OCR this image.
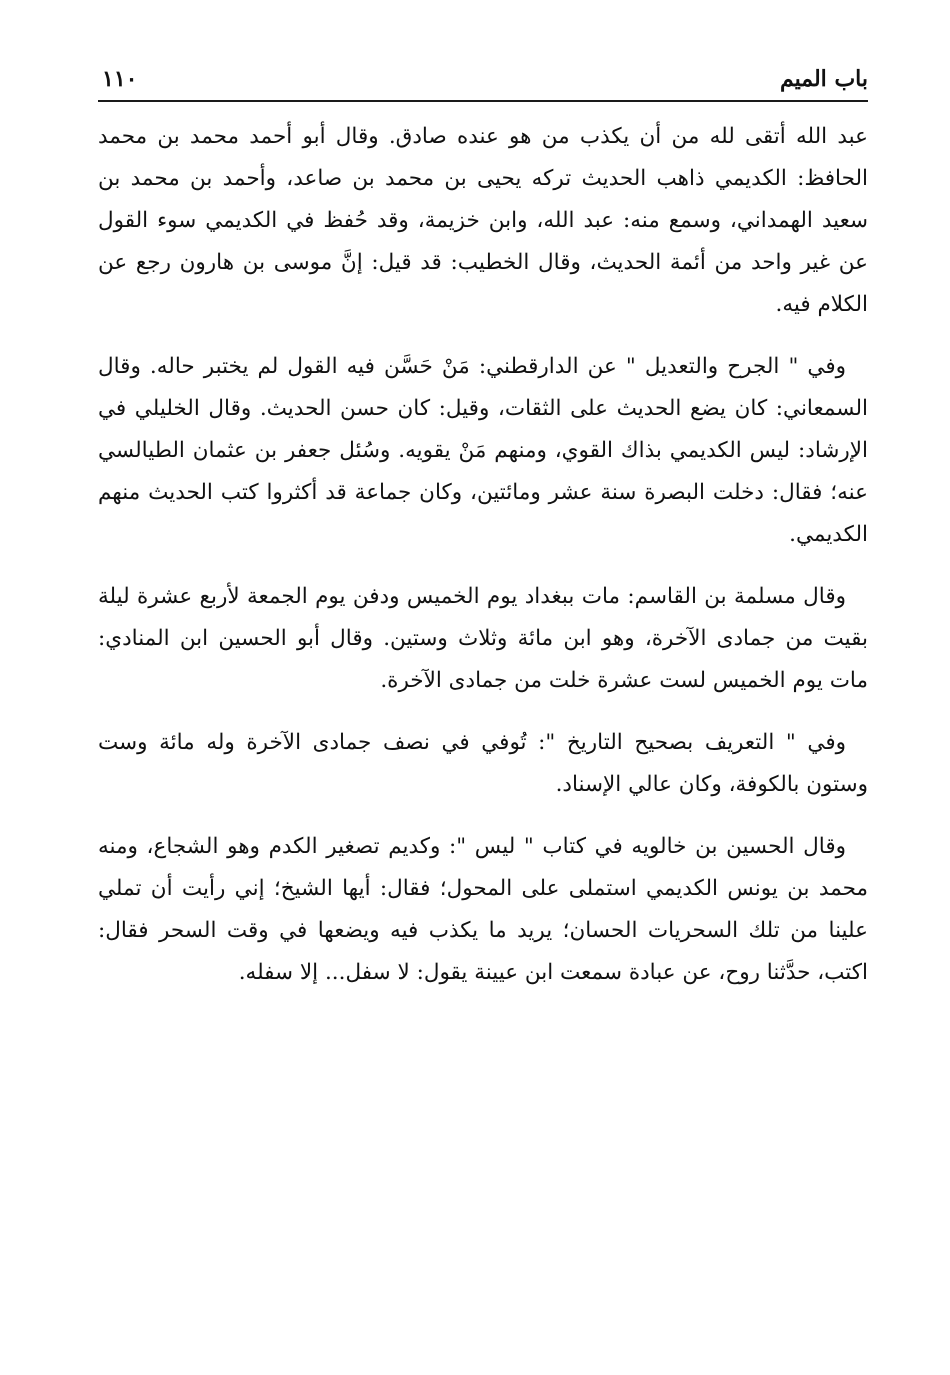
باب الميم
١١٠

عبد الله أتقى لله من أن يكذب من هو عنده صادق. وقال أبو أحمد محمد بن محمد الحافظ: الكديمي ذاهب الحديث تركه يحيى بن محمد بن صاعد، وأحمد بن محمد بن سعيد الهمداني، وسمع منه: عبد الله، وابن خزيمة، وقد حُفظ في الكديمي سوء القول عن غير واحد من أئمة الحديث، وقال الخطيب: قد قيل: إنَّ موسى بن هارون رجع عن الكلام فيه.

وفي " الجرح والتعديل " عن الدارقطني: مَنْ حَسَّن فيه القول لم يختبر حاله. وقال السمعاني: كان يضع الحديث على الثقات، وقيل: كان حسن الحديث. وقال الخليلي في الإرشاد: ليس الكديمي بذاك القوي، ومنهم مَنْ يقويه. وسُئل جعفر بن عثمان الطيالسي عنه؛ فقال: دخلت البصرة سنة عشر ومائتين، وكان جماعة قد أكثروا كتب الحديث منهم الكديمي.

وقال مسلمة بن القاسم: مات ببغداد يوم الخميس ودفن يوم الجمعة لأربع عشرة ليلة بقيت من جمادى الآخرة، وهو ابن مائة وثلاث وستين. وقال أبو الحسين ابن المنادي: مات يوم الخميس لست عشرة خلت من جمادى الآخرة.

وفي " التعريف بصحيح التاريخ ": تُوفي في نصف جمادى الآخرة وله مائة وست وستون بالكوفة، وكان عالي الإسناد.

وقال الحسين بن خالويه في كتاب " ليس ": وكديم تصغير الكدم وهو الشجاع، ومنه محمد بن يونس الكديمي استملى على المحول؛ فقال: أيها الشيخ؛ إني رأيت أن تملي علينا من تلك السحريات الحسان؛ يريد ما يكذب فيه ويضعها في وقت السحر فقال: اكتب، حدَّثنا روح، عن عبادة سمعت ابن عيينة يقول: لا سفل... إلا سفله.
